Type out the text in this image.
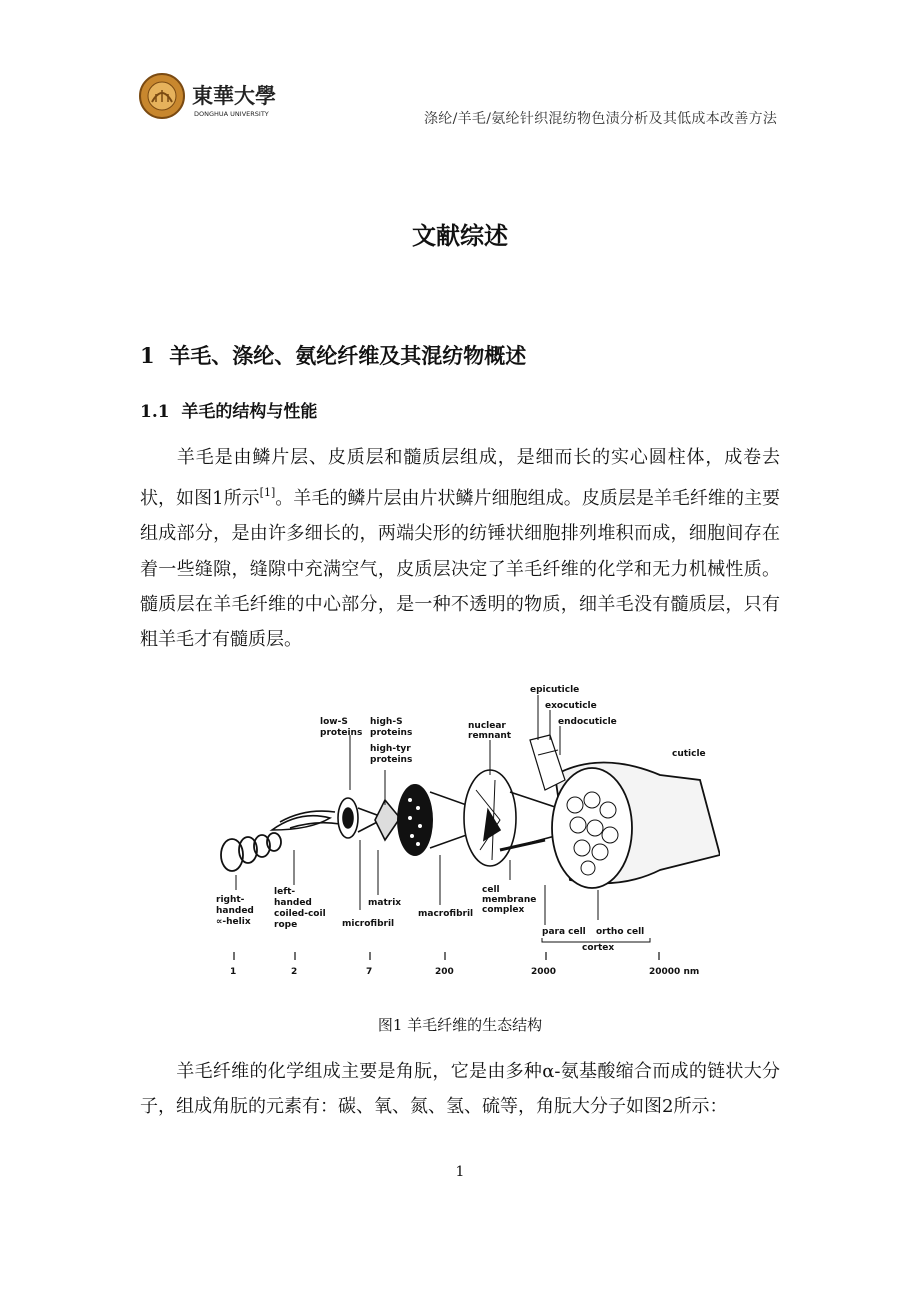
東華大學
DONGHUA UNIVERSITY	涤纶/羊毛/氨纶针织混纺物色渍分析及其低成本改善方法
文献综述
1 羊毛、涤纶、氨纶纤维及其混纺物概述
1.1 羊毛的结构与性能
羊毛是由鳞片层、皮质层和髓质层组成，是细而长的实心圆柱体，成卷去状，如图1所示[1]。羊毛的鳞片层由片状鳞片细胞组成。皮质层是羊毛纤维的主要组成部分，是由许多细长的，两端尖形的纺锤状细胞排列堆积而成，细胞间存在着一些缝隙，缝隙中充满空气，皮质层决定了羊毛纤维的化学和无力机械性质。髓质层在羊毛纤维的中心部分，是一种不透明的物质，细羊毛没有髓质层，只有粗羊毛才有髓质层。
low-S
proteins
high-S
proteins
high-tyr
proteins
nuclear
remnant
epicuticle
exocuticle
endocuticle
cuticle
right-
handed
∝-helix
left-
handed
coiled-coil
rope
matrix
microfibril
macrofibril
cell
membrane
complex
para cell ortho cell
cortex
1	2	7	200	2000	20000 nm
图1 羊毛纤维的生态结构
羊毛纤维的化学组成主要是角朊，它是由多种α-氨基酸缩合而成的链状大分子，组成角朊的元素有：碳、氧、氮、氢、硫等，角朊大分子如图2所示：
1
